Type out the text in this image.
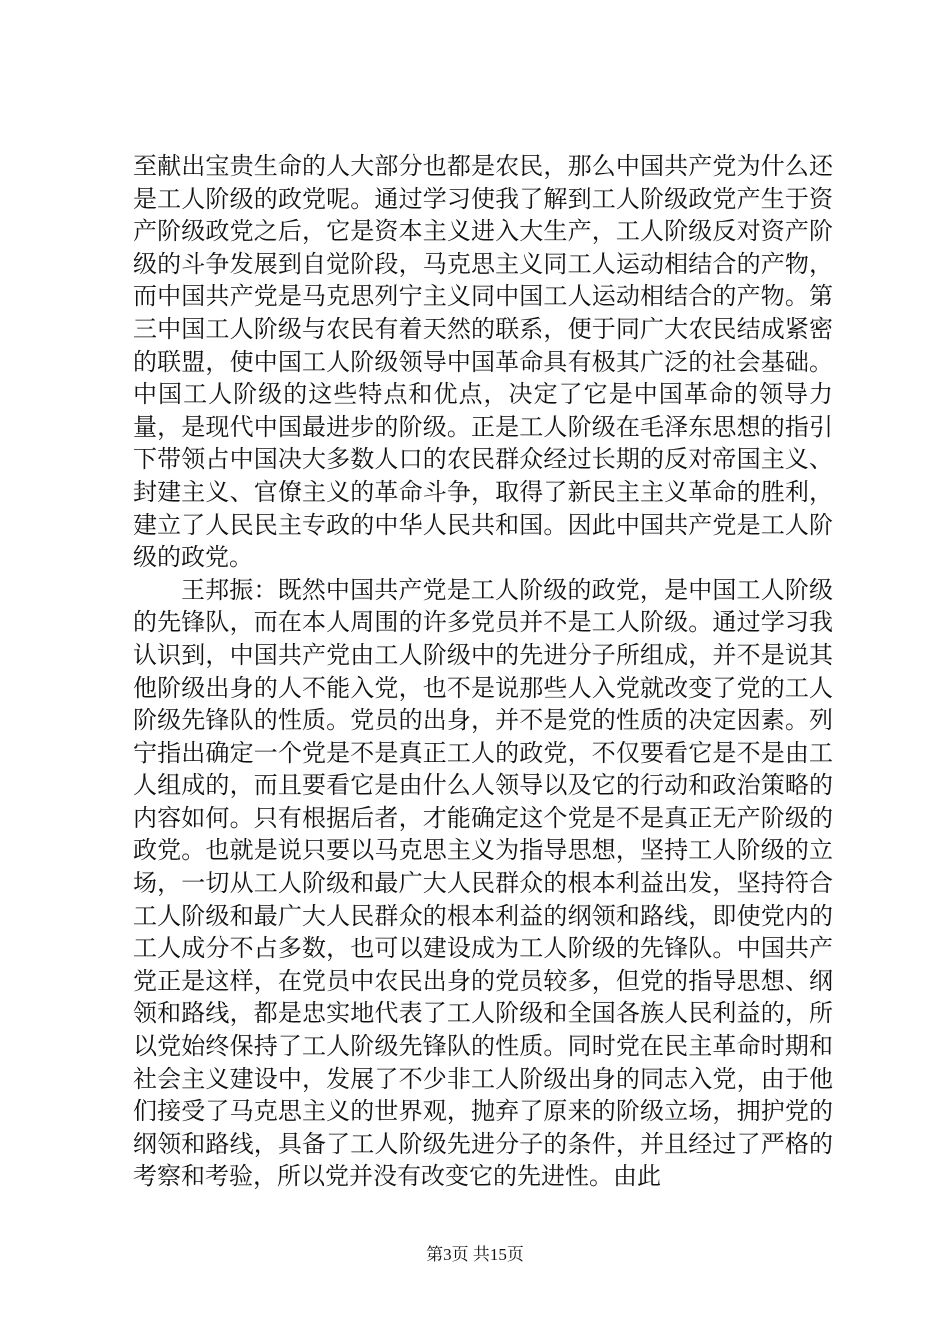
至献出宝贵生命的人大部分也都是农民，那么中国共产党为什么还是工人阶级的政党呢。通过学习使我了解到工人阶级政党产生于资产阶级政党之后，它是资本主义进入大生产，工人阶级反对资产阶级的斗争发展到自觉阶段，马克思主义同工人运动相结合的产物，而中国共产党是马克思列宁主义同中国工人运动相结合的产物。第三中国工人阶级与农民有着天然的联系，便于同广大农民结成紧密的联盟，使中国工人阶级领导中国革命具有极其广泛的社会基础。中国工人阶级的这些特点和优点，决定了它是中国革命的领导力量，是现代中国最进步的阶级。正是工人阶级在毛泽东思想的指引下带领占中国决大多数人口的农民群众经过长期的反对帝国主义、封建主义、官僚主义的革命斗争，取得了新民主主义革命的胜利，建立了人民民主专政的中华人民共和国。因此中国共产党是工人阶级的政党。

王邦振：既然中国共产党是工人阶级的政党，是中国工人阶级的先锋队，而在本人周围的许多党员并不是工人阶级。通过学习我认识到，中国共产党由工人阶级中的先进分子所组成，并不是说其他阶级出身的人不能入党，也不是说那些人入党就改变了党的工人阶级先锋队的性质。党员的出身，并不是党的性质的决定因素。列宁指出确定一个党是不是真正工人的政党，不仅要看它是不是由工人组成的，而且要看它是由什么人领导以及它的行动和政治策略的内容如何。只有根据后者，才能确定这个党是不是真正无产阶级的政党。也就是说只要以马克思主义为指导思想，坚持工人阶级的立场，一切从工人阶级和最广大人民群众的根本利益出发，坚持符合工人阶级和最广大人民群众的根本利益的纲领和路线，即使党内的工人成分不占多数，也可以建设成为工人阶级的先锋队。中国共产党正是这样，在党员中农民出身的党员较多，但党的指导思想、纲领和路线，都是忠实地代表了工人阶级和全国各族人民利益的，所以党始终保持了工人阶级先锋队的性质。同时党在民主革命时期和社会主义建设中，发展了不少非工人阶级出身的同志入党，由于他们接受了马克思主义的世界观，抛弃了原来的阶级立场，拥护党的纲领和路线，具备了工人阶级先进分子的条件，并且经过了严格的考察和考验，所以党并没有改变它的先进性。由此

第3页 共15页
